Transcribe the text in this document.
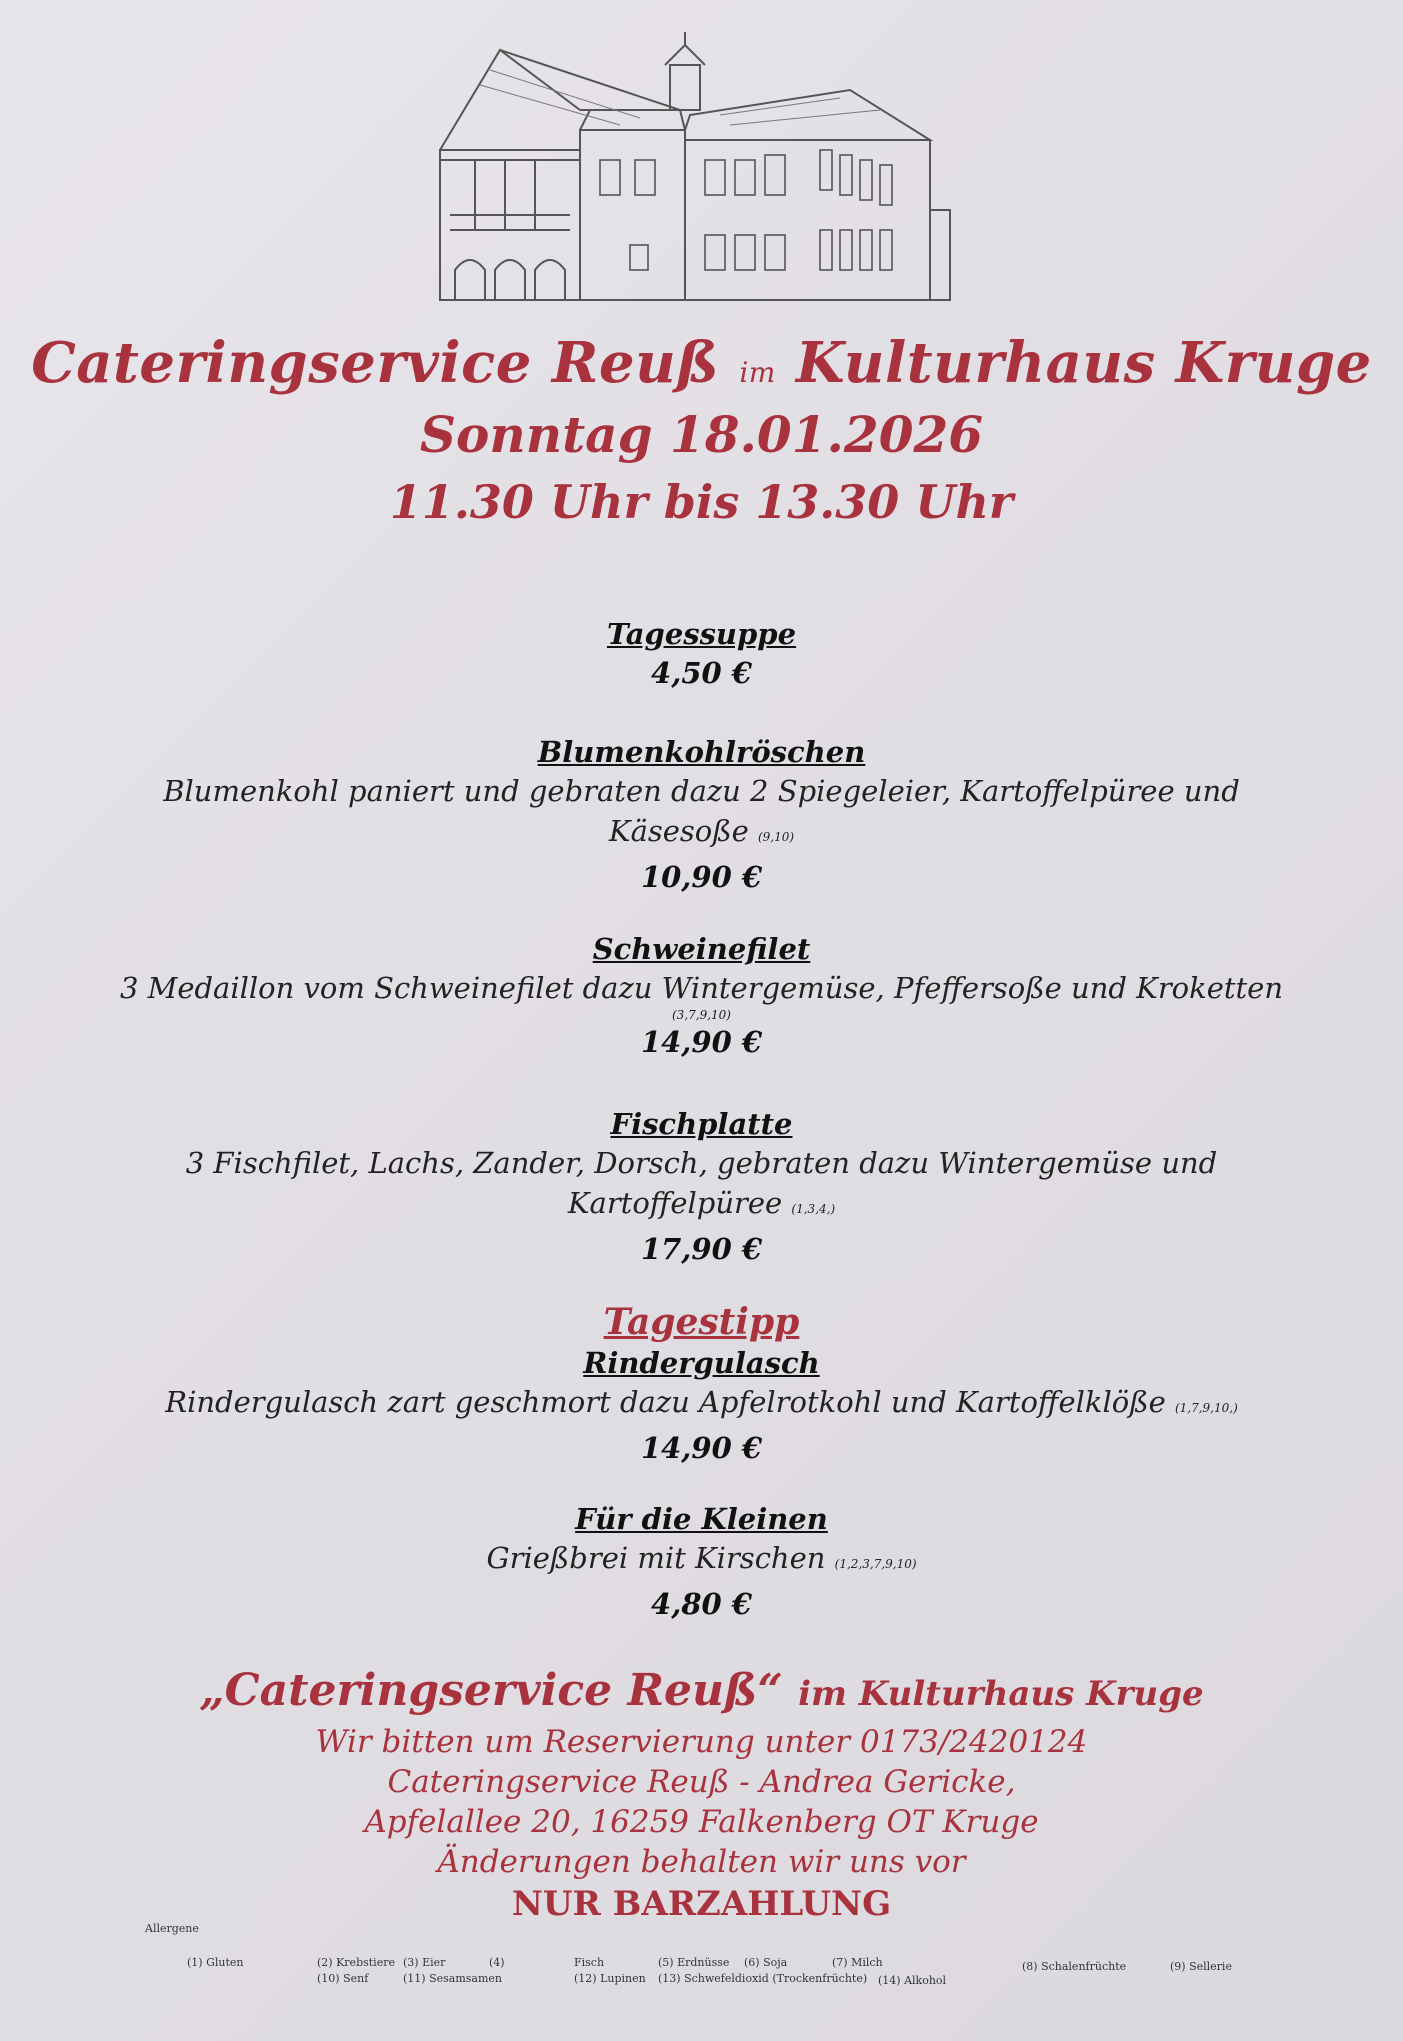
Cateringservice Reuß im Kulturhaus Kruge
Sonntag 18.01.2026
11.30 Uhr bis 13.30 Uhr
Tagessuppe
4,50 €
Blumenkohlröschen
Blumenkohl paniert und gebraten dazu 2 Spiegeleier, Kartoffelpüree und
Käsesoße (9,10)
10,90 €
Schweinefilet
3 Medaillon vom Schweinefilet dazu Wintergemüse, Pfeffersoße und Kroketten
(3,7,9,10)
14,90 €
Fischplatte
3 Fischfilet, Lachs, Zander, Dorsch, gebraten dazu Wintergemüse und
Kartoffelpüree (1,3,4,)
17,90 €
Tagestipp
Rindergulasch
Rindergulasch zart geschmort dazu Apfelrotkohl und Kartoffelklöße (1,7,9,10,)
14,90 €
Für die Kleinen
Grießbrei mit Kirschen (1,2,3,7,9,10)
4,80 €
„Cateringservice Reuß“ im Kulturhaus Kruge
Wir bitten um Reservierung unter 0173/2420124
Cateringservice Reuß - Andrea Gericke,
Apfelallee 20, 16259 Falkenberg OT Kruge
Änderungen behalten wir uns vor
NUR BARZAHLUNG
Allergene
(1) Gluten	(2) Krebstiere (3) Eier	(4)	Fisch	(5) Erdnüsse (6) Soja	(7) Milch	(8) Schalenfrüchte	(9) Sellerie
(10) Senf	(11) Sesamsamen	(12) Lupinen (13) Schwefeldioxid (Trockenfrüchte) (14) Alkohol
